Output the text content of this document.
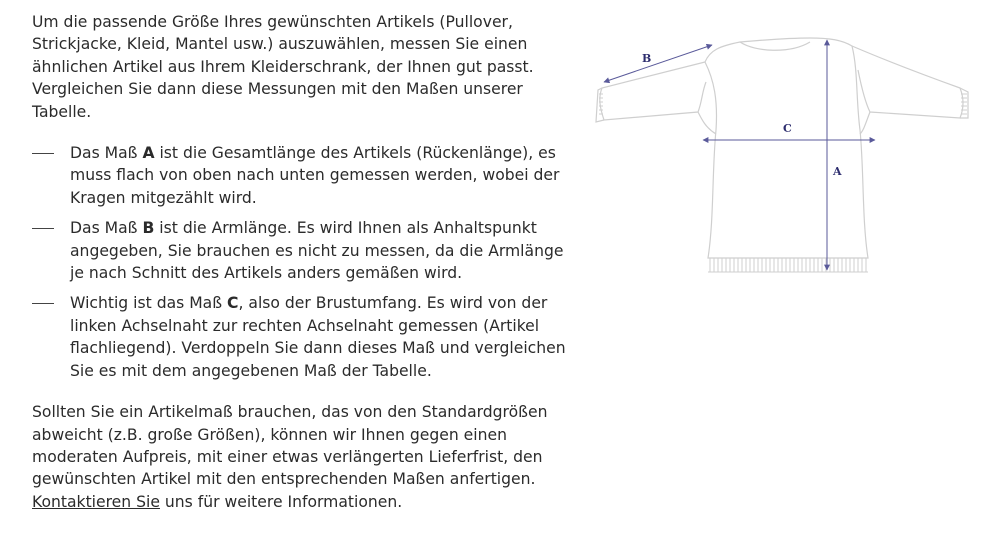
Um die passende Größe Ihres gewünschten Artikels (Pullover, Strickjacke, Kleid, Mantel usw.) auszuwählen, messen Sie einen ähnlichen Artikel aus Ihrem Kleiderschrank, der Ihnen gut passt. Vergleichen Sie dann diese Messungen mit den Maßen unserer Tabelle.

Das Maß A ist die Gesamtlänge des Artikels (Rückenlänge), es muss flach von oben nach unten gemessen werden, wobei der Kragen mitgezählt wird.
Das Maß B ist die Armlänge. Es wird Ihnen als Anhaltspunkt angegeben, Sie brauchen es nicht zu messen, da die Armlänge je nach Schnitt des Artikels anders gemäßen wird.
Wichtig ist das Maß C, also der Brustumfang. Es wird von der linken Achselnaht zur rechten Achselnaht gemessen (Artikel flachliegend). Verdoppeln Sie dann dieses Maß und vergleichen Sie es mit dem angegebenen Maß der Tabelle.

Sollten Sie ein Artikelmaß brauchen, das von den Standardgrößen abweicht (z.B. große Größen), können wir Ihnen gegen einen moderaten Aufpreis, mit einer etwas verlängerten Lieferfrist, den gewünschten Artikel mit den entsprechenden Maßen anfertigen. Kontaktieren Sie uns für weitere Informationen.

B
C
A
